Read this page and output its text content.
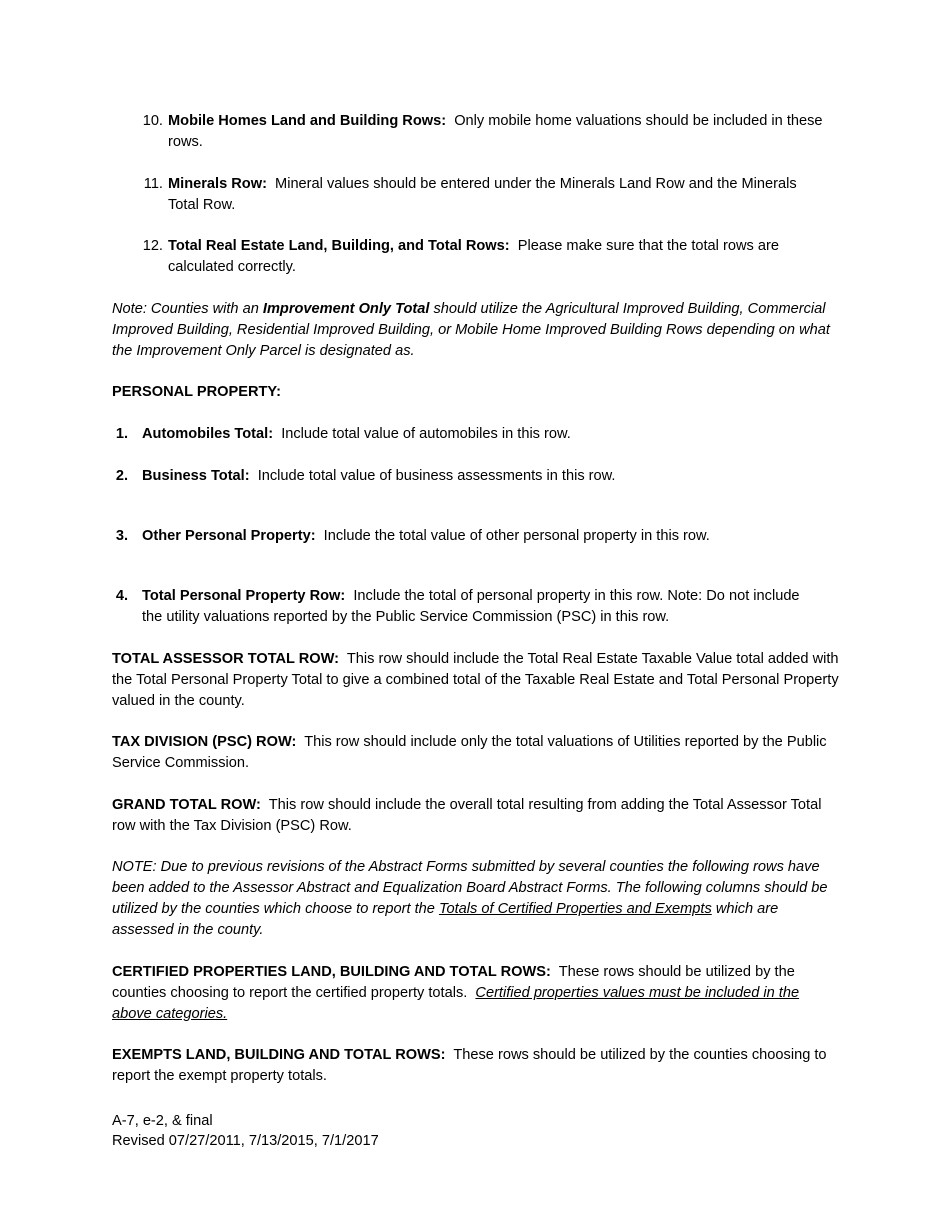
10. Mobile Homes Land and Building Rows: Only mobile home valuations should be included in these rows.
11. Minerals Row: Mineral values should be entered under the Minerals Land Row and the Minerals Total Row.
12. Total Real Estate Land, Building, and Total Rows: Please make sure that the total rows are calculated correctly.
Note: Counties with an Improvement Only Total should utilize the Agricultural Improved Building, Commercial Improved Building, Residential Improved Building, or Mobile Home Improved Building Rows depending on what the Improvement Only Parcel is designated as.
PERSONAL PROPERTY:
1. Automobiles Total: Include total value of automobiles in this row.
2. Business Total: Include total value of business assessments in this row.
3. Other Personal Property: Include the total value of other personal property in this row.
4. Total Personal Property Row: Include the total of personal property in this row. Note: Do not include the utility valuations reported by the Public Service Commission (PSC) in this row.
TOTAL ASSESSOR TOTAL ROW: This row should include the Total Real Estate Taxable Value total added with the Total Personal Property Total to give a combined total of the Taxable Real Estate and Total Personal Property valued in the county.
TAX DIVISION (PSC) ROW: This row should include only the total valuations of Utilities reported by the Public Service Commission.
GRAND TOTAL ROW: This row should include the overall total resulting from adding the Total Assessor Total row with the Tax Division (PSC) Row.
NOTE: Due to previous revisions of the Abstract Forms submitted by several counties the following rows have been added to the Assessor Abstract and Equalization Board Abstract Forms. The following columns should be utilized by the counties which choose to report the Totals of Certified Properties and Exempts which are assessed in the county.
CERTIFIED PROPERTIES LAND, BUILDING AND TOTAL ROWS: These rows should be utilized by the counties choosing to report the certified property totals. Certified properties values must be included in the above categories.
EXEMPTS LAND, BUILDING AND TOTAL ROWS: These rows should be utilized by the counties choosing to report the exempt property totals.
A-7, e-2, & final
Revised 07/27/2011, 7/13/2015, 7/1/2017
